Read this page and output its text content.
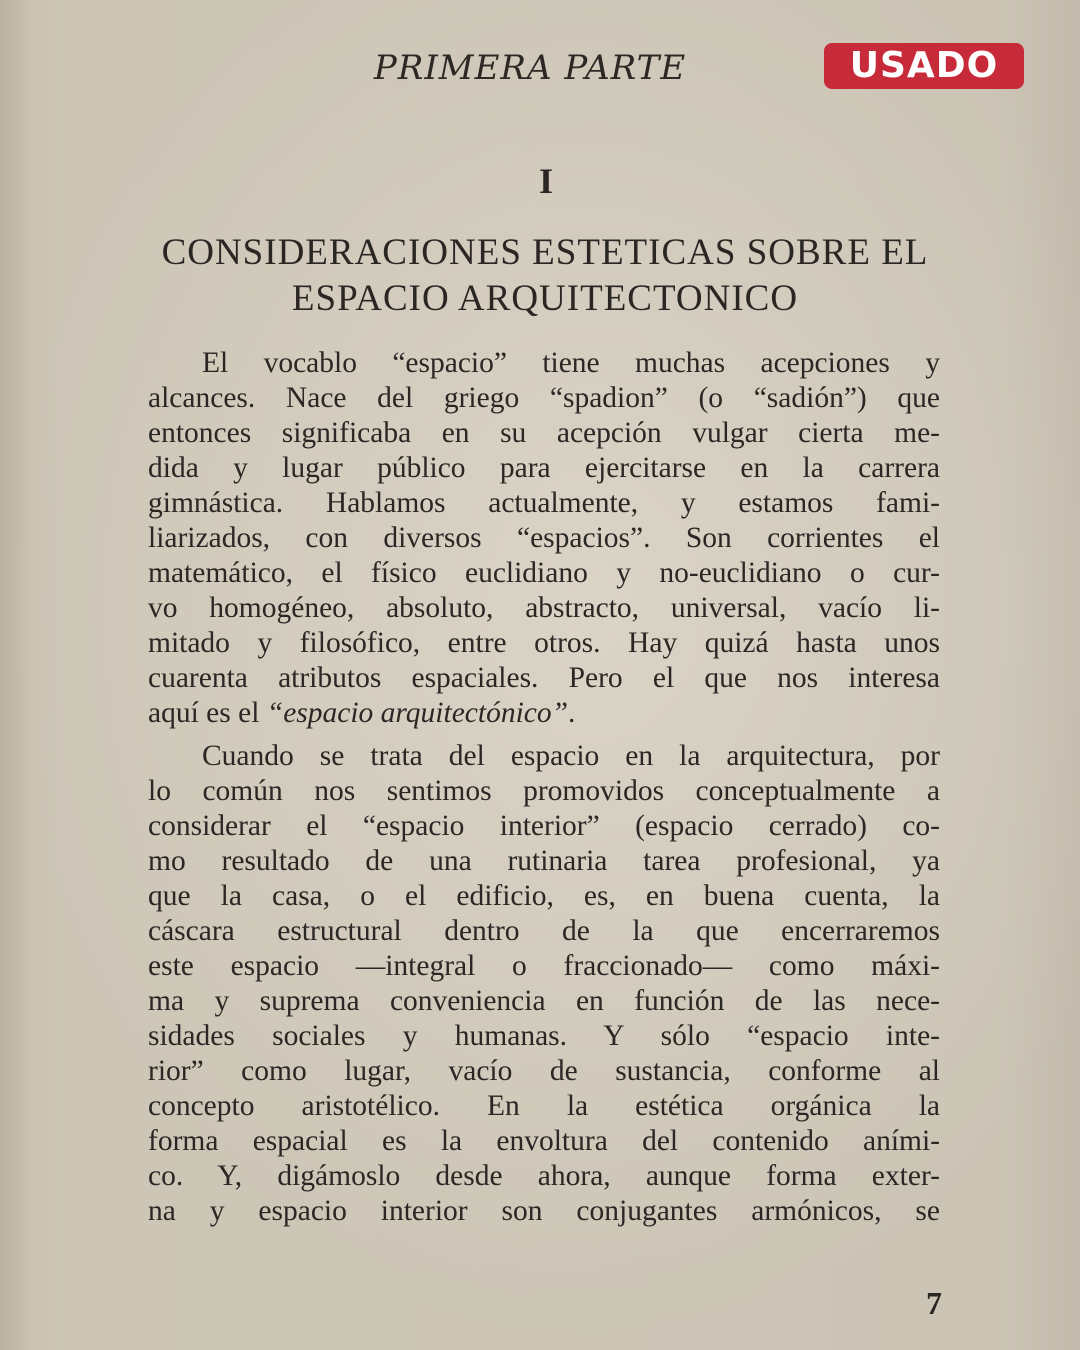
USADO
PRIMERA PARTE
I
CONSIDERACIONES ESTETICAS SOBRE EL
ESPACIO ARQUITECTONICO
El vocablo “espacio” tiene muchas acepciones y
alcances. Nace del griego “spadion” (o “sadión”) que
entonces significaba en su acepción vulgar cierta me-
dida y lugar público para ejercitarse en la carrera
gimnástica. Hablamos actualmente, y estamos fami-
liarizados, con diversos “espacios”. Son corrientes el
matemático, el físico euclidiano y no-euclidiano o cur-
vo homogéneo, absoluto, abstracto, universal, vacío li-
mitado y filosófico, entre otros. Hay quizá hasta unos
cuarenta atributos espaciales. Pero el que nos interesa
aquí es el “espacio arquitectónico”.
Cuando se trata del espacio en la arquitectura, por
lo común nos sentimos promovidos conceptualmente a
considerar el “espacio interior” (espacio cerrado) co-
mo resultado de una rutinaria tarea profesional, ya
que la casa, o el edificio, es, en buena cuenta, la
cáscara estructural dentro de la que encerraremos
este espacio —integral o fraccionado— como máxi-
ma y suprema conveniencia en función de las nece-
sidades sociales y humanas. Y sólo “espacio inte-
rior” como lugar, vacío de sustancia, conforme al
concepto aristotélico. En la estética orgánica la
forma espacial es la envoltura del contenido aními-
co. Y, digámoslo desde ahora, aunque forma exter-
na y espacio interior son conjugantes armónicos, se
7
